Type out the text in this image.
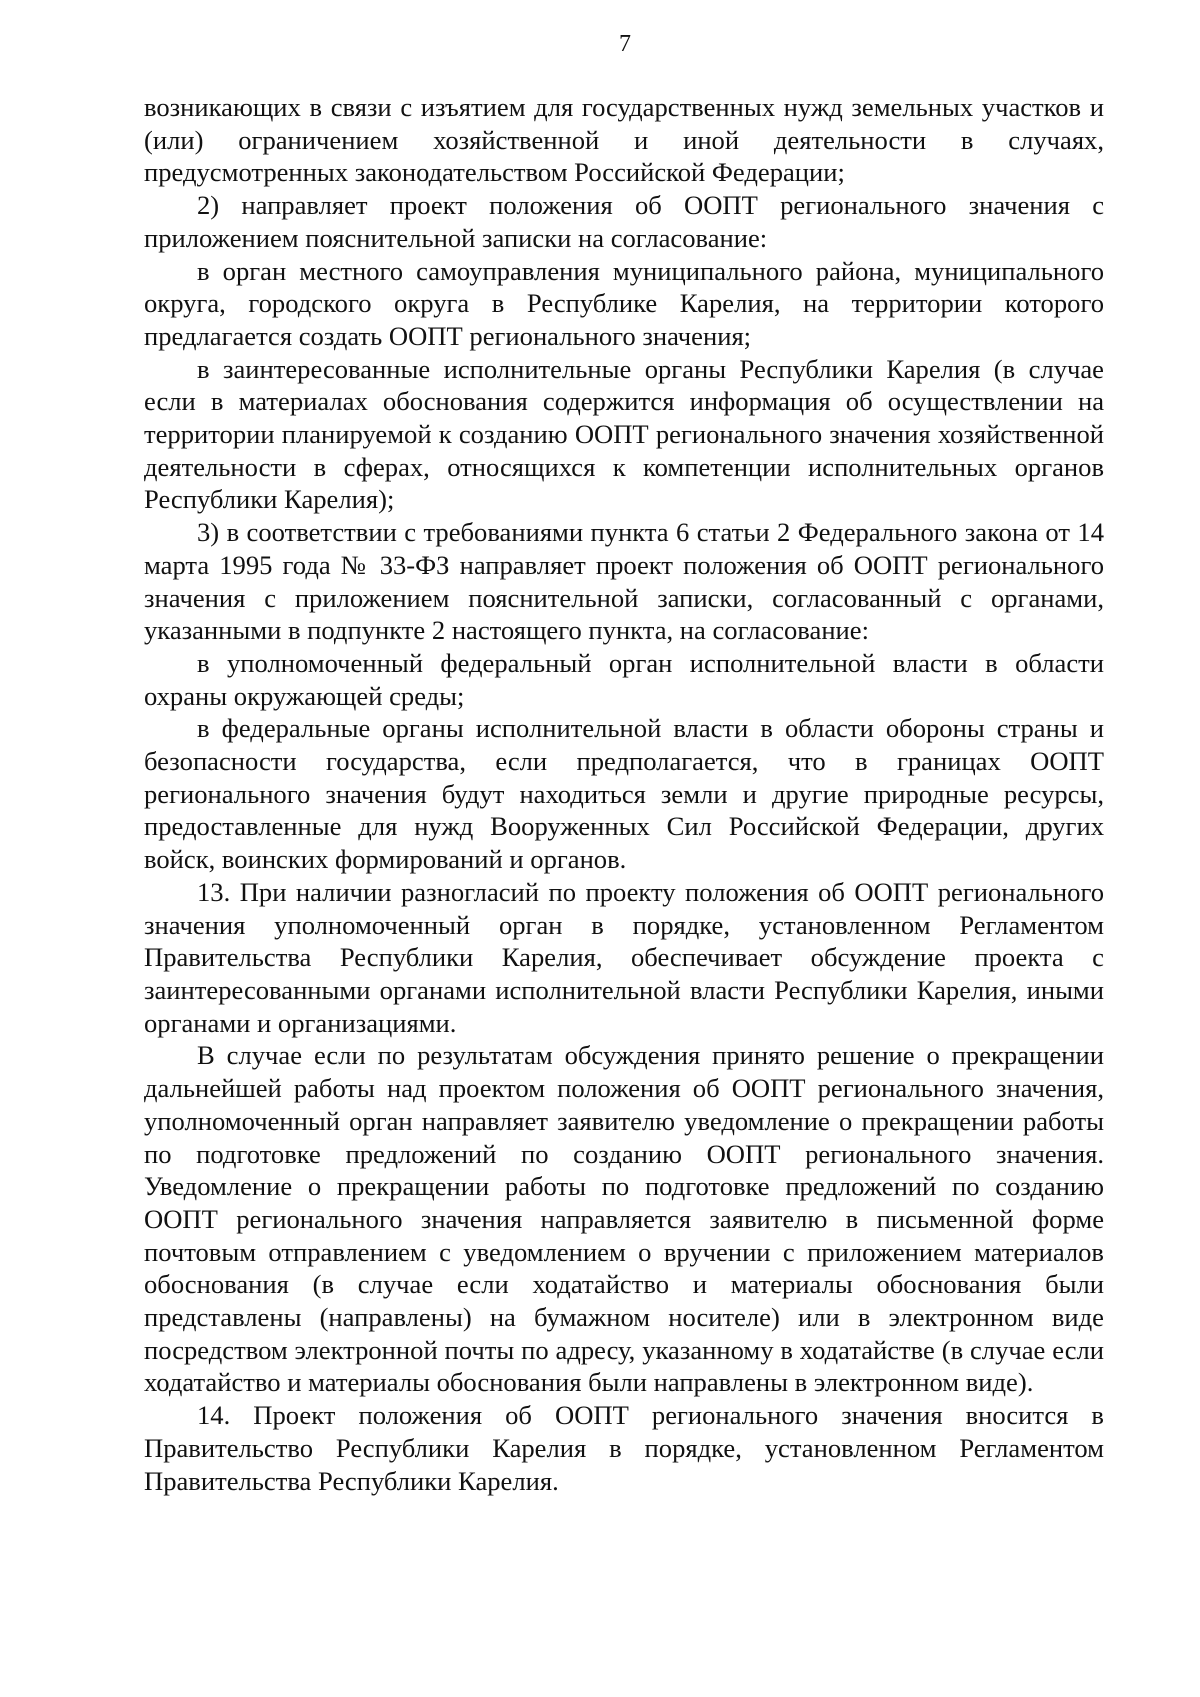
7

возникающих в связи с изъятием для государственных нужд земельных участков и (или) ограничением хозяйственной и иной деятельности в случаях, предусмотренных законодательством Российской Федерации;

2) направляет проект положения об ООПТ регионального значения с приложением пояснительной записки на согласование:

в орган местного самоуправления муниципального района, муниципального округа, городского округа в Республике Карелия, на территории которого предлагается создать ООПТ регионального значения;

в заинтересованные исполнительные органы Республики Карелия (в случае если в материалах обоснования содержится информация об осуществлении на территории планируемой к созданию ООПТ регионального значения хозяйственной деятельности в сферах, относящихся к компетенции исполнительных органов Республики Карелия);

3) в соответствии с требованиями пункта 6 статьи 2 Федерального закона от 14 марта 1995 года № 33-ФЗ направляет проект положения об ООПТ регионального значения с приложением пояснительной записки, согласованный с органами, указанными в подпункте 2 настоящего пункта, на согласование:

в уполномоченный федеральный орган исполнительной власти в области охраны окружающей среды;

в федеральные органы исполнительной власти в области обороны страны и безопасности государства, если предполагается, что в границах ООПТ регионального значения будут находиться земли и другие природные ресурсы, предоставленные для нужд Вооруженных Сил Российской Федерации, других войск, воинских формирований и органов.

13. При наличии разногласий по проекту положения об ООПТ регионального значения уполномоченный орган в порядке, установленном Регламентом Правительства Республики Карелия, обеспечивает обсуждение проекта с заинтересованными органами исполнительной власти Республики Карелия, иными органами и организациями.

В случае если по результатам обсуждения принято решение о прекращении дальнейшей работы над проектом положения об ООПТ регионального значения, уполномоченный орган направляет заявителю уведомление о прекращении работы по подготовке предложений по созданию ООПТ регионального значения. Уведомление о прекращении работы по подготовке предложений по созданию ООПТ регионального значения направляется заявителю в письменной форме почтовым отправлением с уведомлением о вручении с приложением материалов обоснования (в случае если ходатайство и материалы обоснования были представлены (направлены) на бумажном носителе) или в электронном виде посредством электронной почты по адресу, указанному в ходатайстве (в случае если ходатайство и материалы обоснования были направлены в электронном виде).

14. Проект положения об ООПТ регионального значения вносится в Правительство Республики Карелия в порядке, установленном Регламентом Правительства Республики Карелия.
